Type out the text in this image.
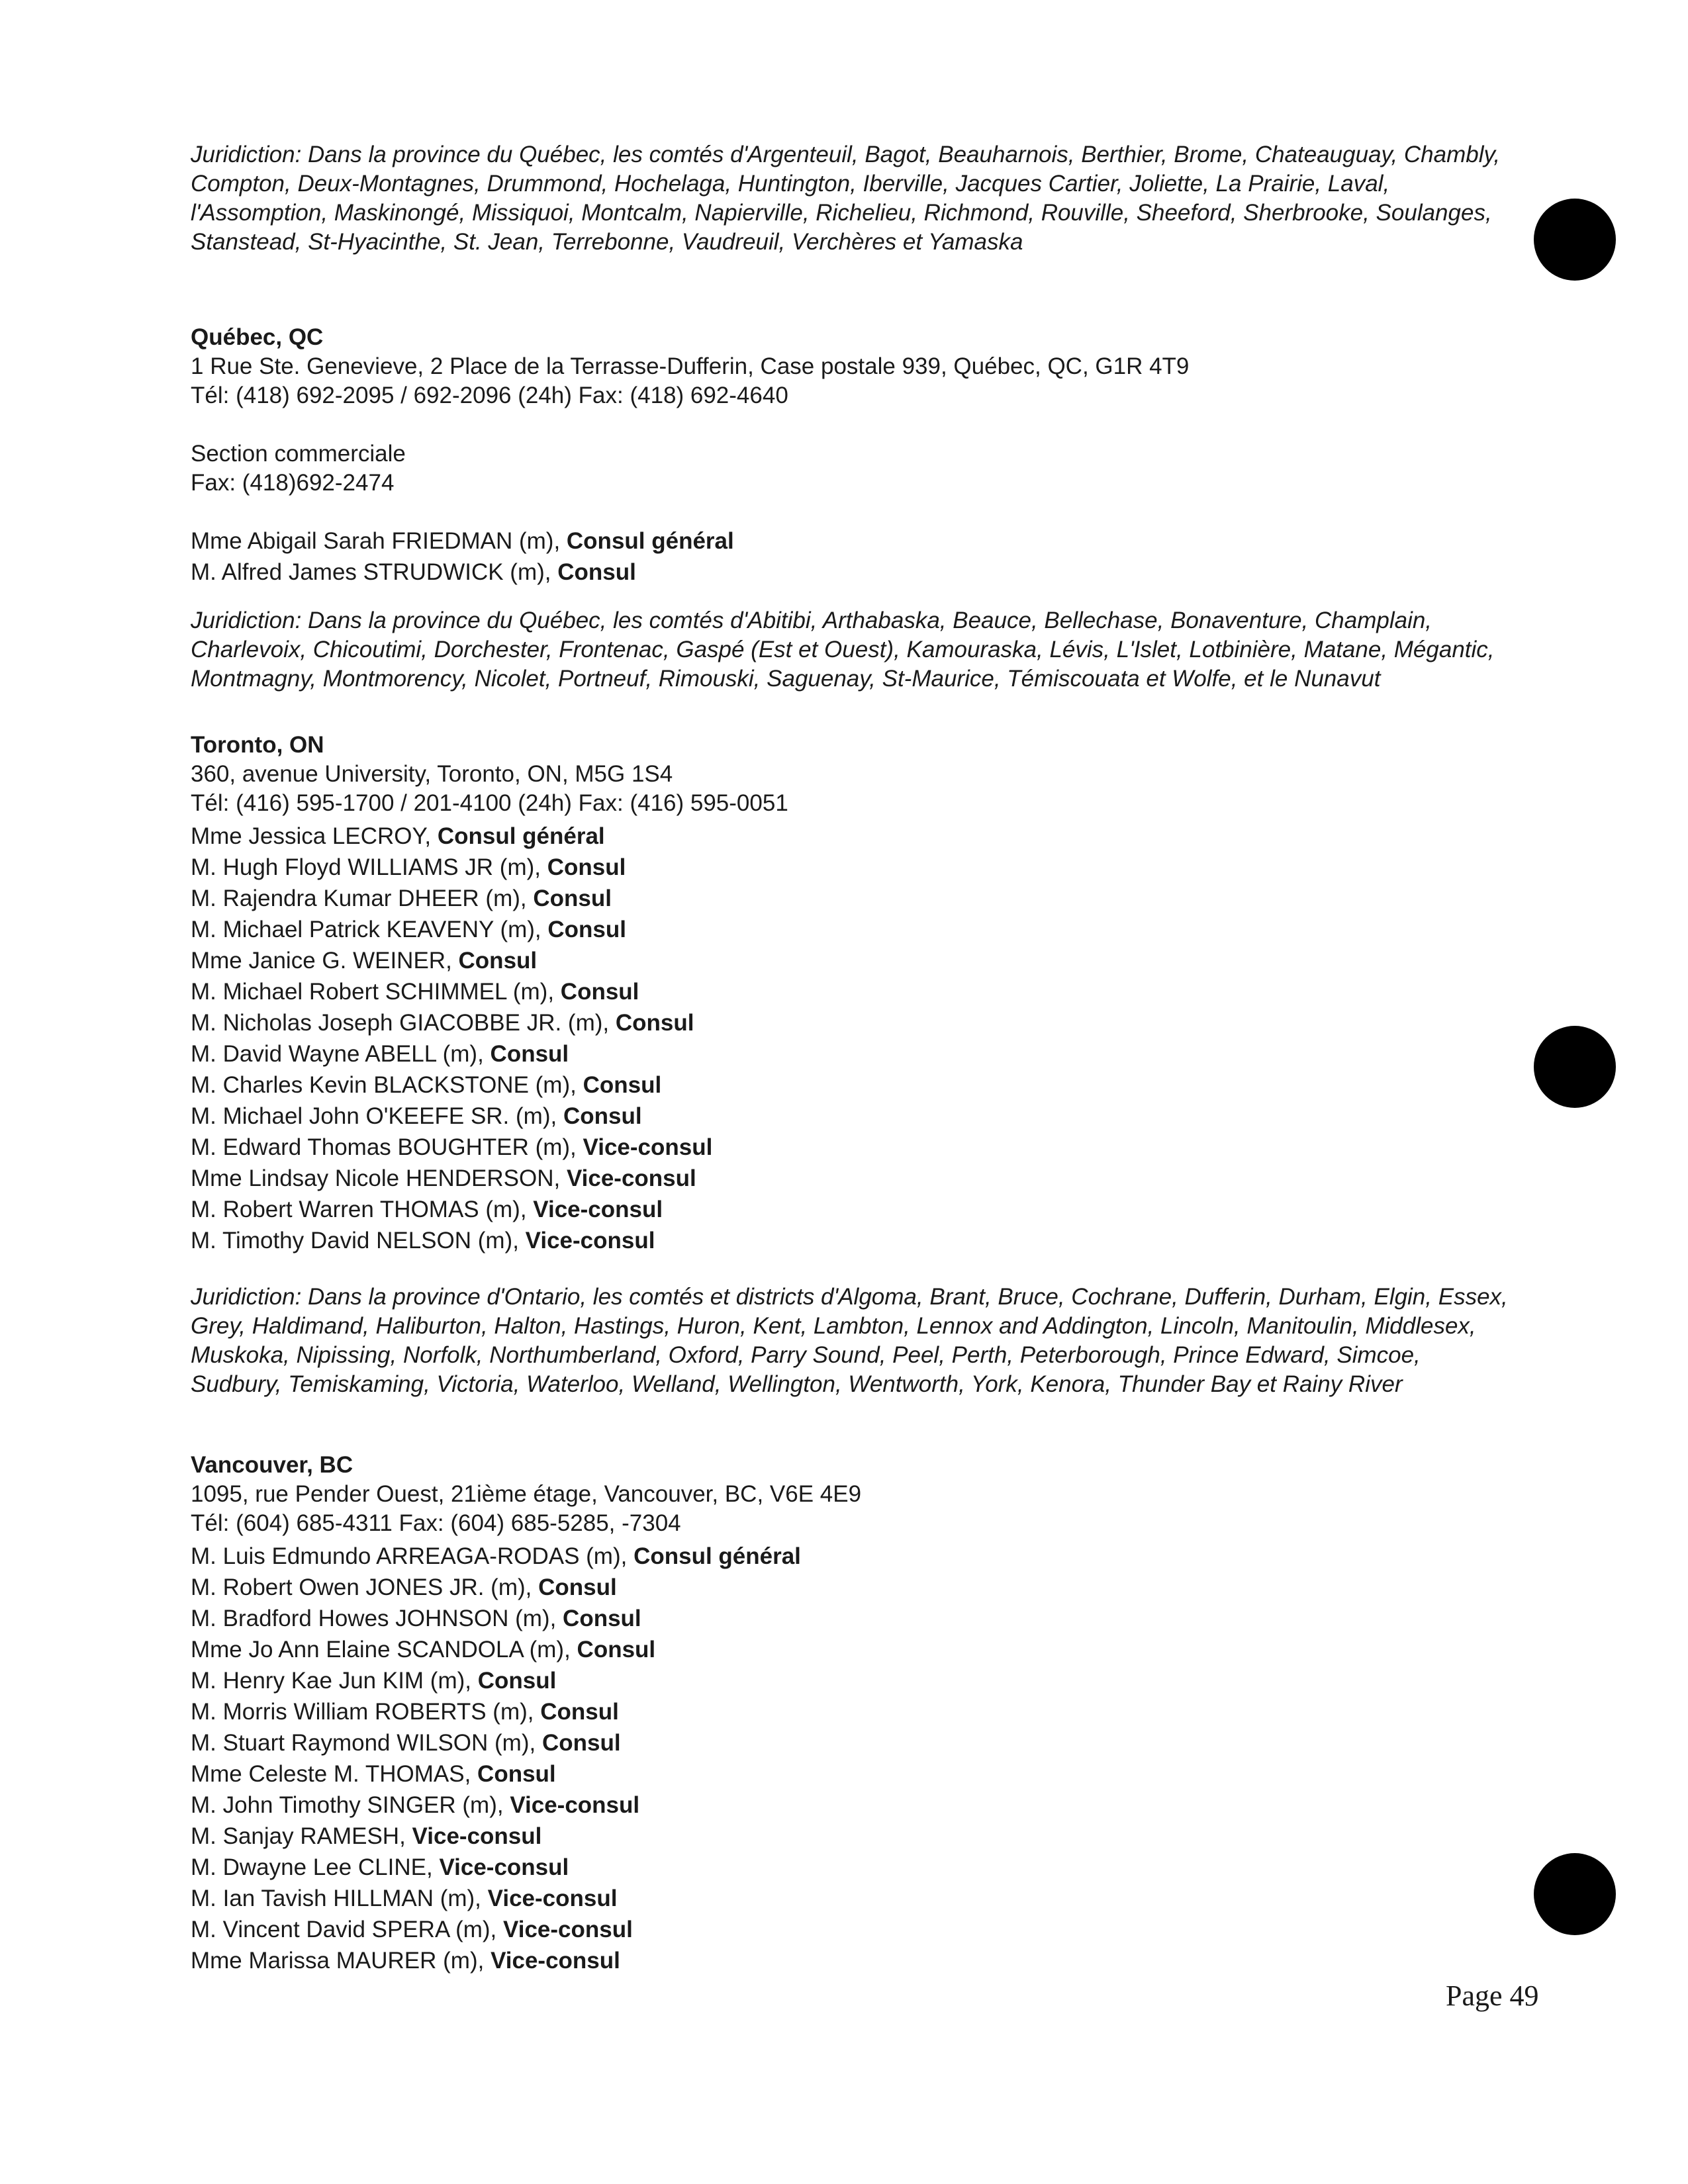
Juridiction: Dans la province du Québec, les comtés d'Argenteuil, Bagot, Beauharnois, Berthier, Brome, Chateauguay, Chambly, Compton, Deux-Montagnes, Drummond, Hochelaga, Huntington, Iberville, Jacques Cartier, Joliette, La Prairie, Laval, l'Assomption, Maskinongé, Missiquoi, Montcalm, Napierville, Richelieu, Richmond, Rouville, Sheeford, Sherbrooke, Soulanges, Stanstead, St-Hyacinthe, St. Jean, Terrebonne, Vaudreuil, Verchères et Yamaska

Québec, QC

1 Rue Ste. Genevieve, 2 Place de la Terrasse-Dufferin, Case postale 939, Québec, QC, G1R 4T9

Tél: (418) 692-2095 / 692-2096 (24h) Fax: (418) 692-4640

Section commerciale

Fax: (418)692-2474

Mme Abigail Sarah FRIEDMAN (m), Consul général

M. Alfred James STRUDWICK (m), Consul

Juridiction: Dans la province du Québec, les comtés d'Abitibi, Arthabaska, Beauce, Bellechase, Bonaventure, Champlain, Charlevoix, Chicoutimi, Dorchester, Frontenac, Gaspé (Est et Ouest), Kamouraska, Lévis, L'Islet, Lotbinière, Matane, Mégantic, Montmagny, Montmorency, Nicolet, Portneuf, Rimouski, Saguenay, St-Maurice, Témiscouata et Wolfe, et le Nunavut

Toronto, ON

360, avenue University, Toronto, ON, M5G 1S4

Tél: (416) 595-1700 / 201-4100 (24h) Fax: (416) 595-0051

Mme Jessica LECROY, Consul général

M. Hugh Floyd WILLIAMS JR (m), Consul

M. Rajendra Kumar DHEER (m), Consul

M. Michael Patrick KEAVENY (m), Consul

Mme Janice G. WEINER, Consul

M. Michael Robert SCHIMMEL (m), Consul

M. Nicholas Joseph GIACOBBE JR. (m), Consul

M. David Wayne ABELL (m), Consul

M. Charles Kevin BLACKSTONE (m), Consul

M. Michael John O'KEEFE SR. (m), Consul

M. Edward Thomas BOUGHTER (m), Vice-consul

Mme Lindsay Nicole HENDERSON, Vice-consul

M. Robert Warren THOMAS (m), Vice-consul

M. Timothy David NELSON (m), Vice-consul

Juridiction: Dans la province d'Ontario, les comtés et districts d'Algoma, Brant, Bruce, Cochrane, Dufferin, Durham, Elgin, Essex, Grey, Haldimand, Haliburton, Halton, Hastings, Huron, Kent, Lambton, Lennox and Addington, Lincoln, Manitoulin, Middlesex, Muskoka, Nipissing, Norfolk, Northumberland, Oxford, Parry Sound, Peel, Perth, Peterborough, Prince Edward, Simcoe, Sudbury, Temiskaming, Victoria, Waterloo, Welland, Wellington, Wentworth, York, Kenora, Thunder Bay et Rainy River

Vancouver, BC

1095, rue Pender Ouest, 21ième étage, Vancouver, BC, V6E 4E9

Tél: (604) 685-4311 Fax: (604) 685-5285, -7304

M. Luis Edmundo ARREAGA-RODAS (m), Consul général

M. Robert Owen JONES JR. (m), Consul

M. Bradford Howes JOHNSON (m), Consul

Mme Jo Ann Elaine SCANDOLA (m), Consul

M. Henry Kae Jun KIM (m), Consul

M. Morris William ROBERTS (m), Consul

M. Stuart Raymond WILSON (m), Consul

Mme Celeste M. THOMAS, Consul

M. John Timothy SINGER (m), Vice-consul

M. Sanjay RAMESH, Vice-consul

M. Dwayne Lee CLINE, Vice-consul

M. Ian Tavish HILLMAN (m), Vice-consul

M. Vincent David SPERA (m), Vice-consul

Mme Marissa MAURER (m), Vice-consul

Page 49
